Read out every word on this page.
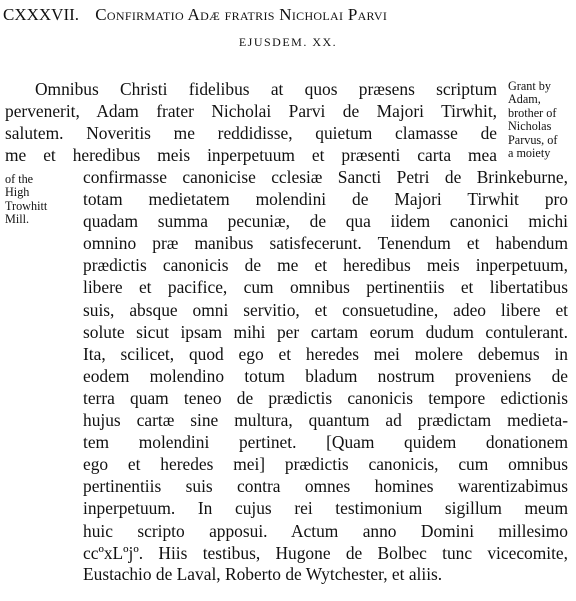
CXXXVII. Confirmatio Adæ fratris Nicholai Parvi
EJUSDEM. XX.
Grant by
Adam,
brother of
Nicholas
Parvus, of
a moiety
of the
High
Trowhitt
Mill.
Omnibus Christi fidelibus at quos præsens scriptum
pervenerit, Adam frater Nicholai Parvi de Majori Tirwhit,
salutem. Noveritis me reddidisse, quietum clamasse de
me et heredibus meis inperpetuum et præsenti carta mea
confirmasse canonicise cclesiæ Sancti Petri de Brinkeburne,
totam medietatem molendini de Majori Tirwhit pro
quadam summa pecuniæ, de qua iidem canonici michi
omnino præ manibus satisfecerunt. Tenendum et habendum
prædictis canonicis de me et heredibus meis inperpetuum,
libere et pacifice, cum omnibus pertinentiis et libertatibus
suis, absque omni servitio, et consuetudine, adeo libere et
solute sicut ipsam mihi per cartam eorum dudum contulerant.
Ita, scilicet, quod ego et heredes mei molere debemus in
eodem molendino totum bladum nostrum proveniens de
terra quam teneo de prædictis canonicis tempore edictionis
hujus cartæ sine multura, quantum ad prædictam medieta-
tem molendini pertinet. [Quam quidem donationem
ego et heredes mei] prædictis canonicis, cum omnibus
pertinentiis suis contra omnes homines warentizabimus
inperpetuum. In cujus rei testimonium sigillum meum
huic scripto apposui. Actum anno Domini millesimo
ccºxLºjº. Hiis testibus, Hugone de Bolbec tunc vicecomite,
Eustachio de Laval, Roberto de Wytchester, et aliis.
